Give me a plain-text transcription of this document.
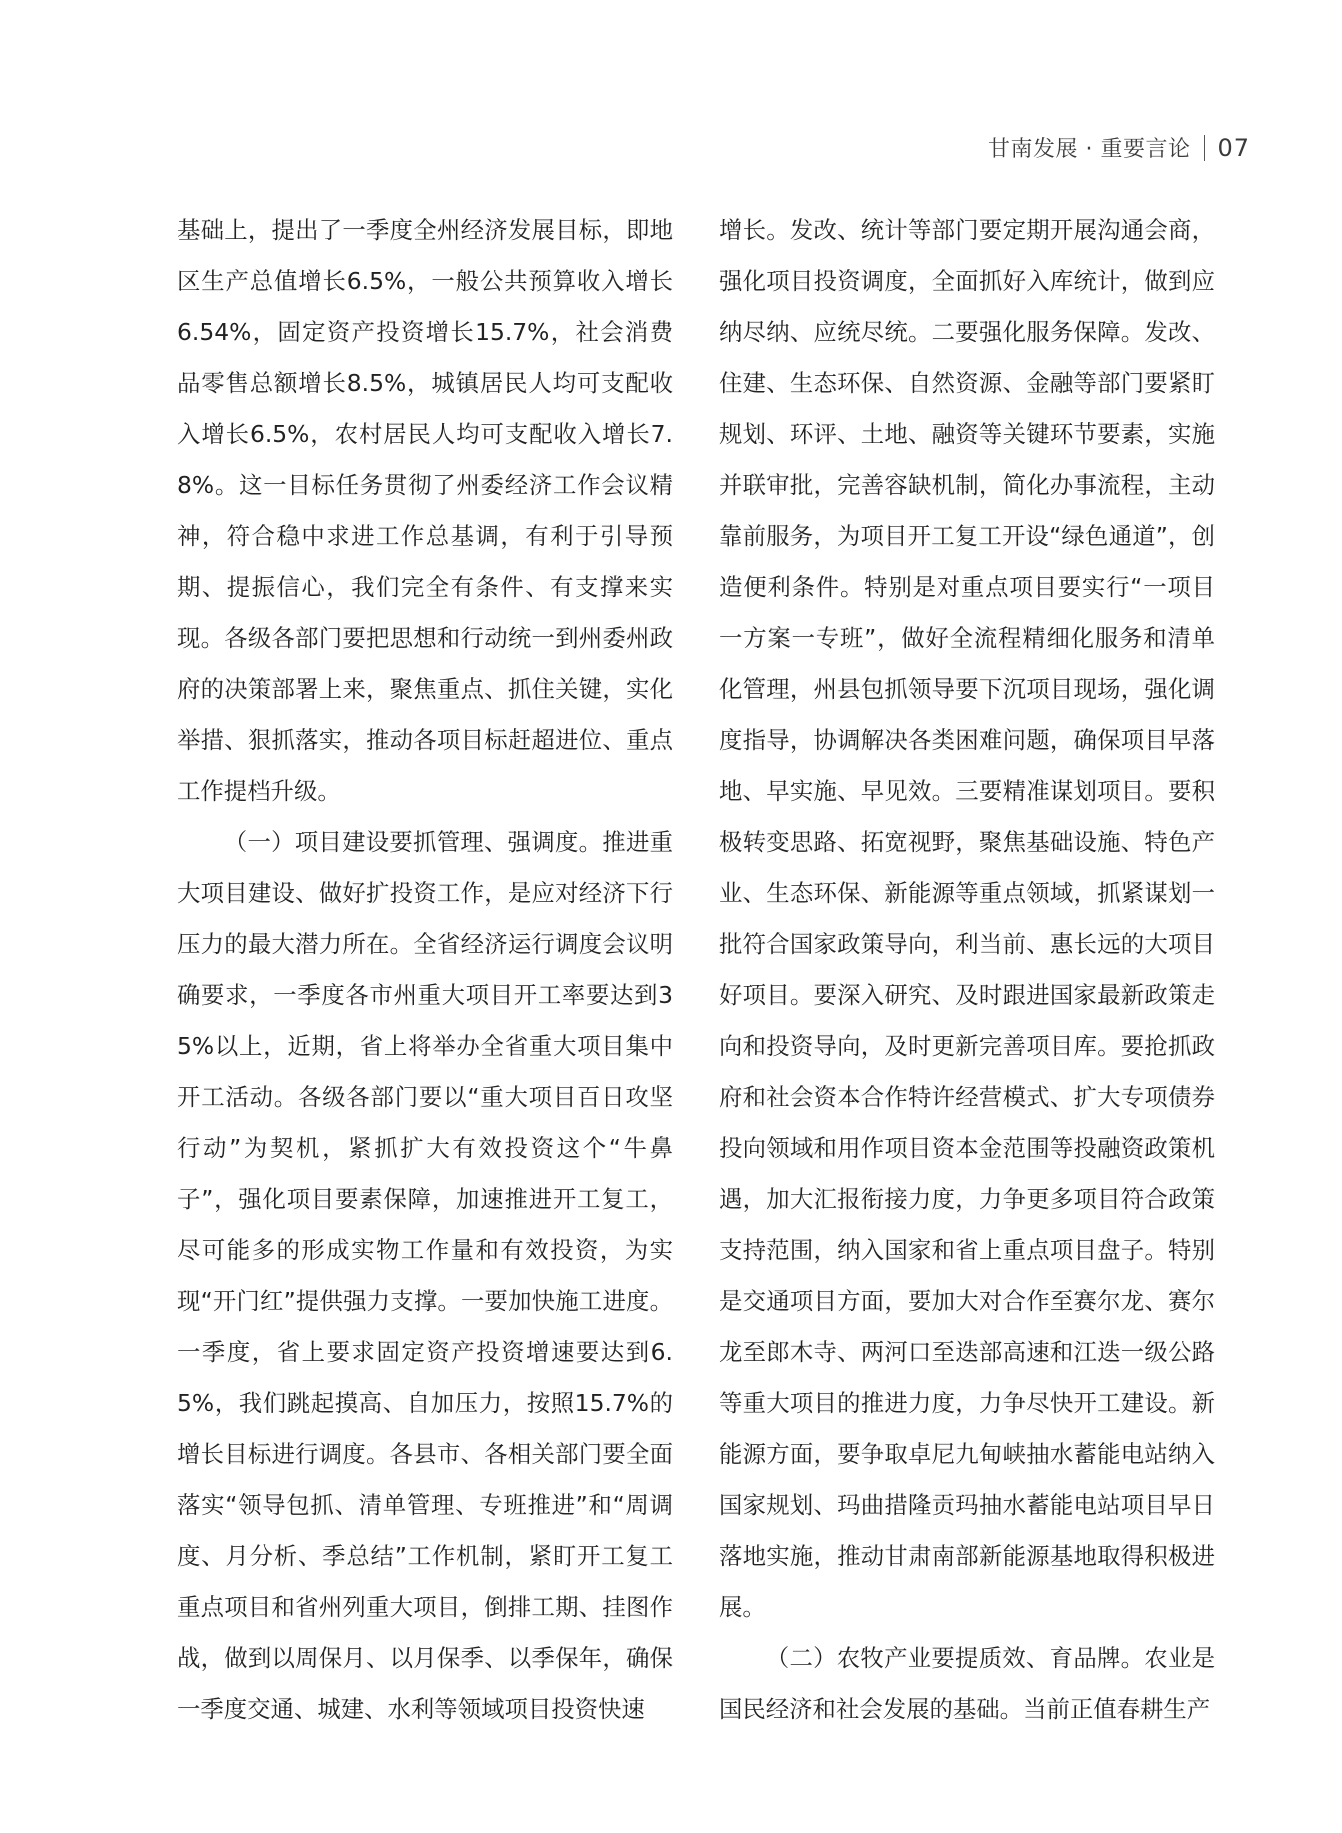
甘南发展 · 重要言论 07

基础上，提出了一季度全州经济发展目标，即地区生产总值增长6.5%，一般公共预算收入增长6.54%，固定资产投资增长15.7%，社会消费品零售总额增长8.5%，城镇居民人均可支配收入增长6.5%，农村居民人均可支配收入增长7.8%。这一目标任务贯彻了州委经济工作会议精神，符合稳中求进工作总基调，有利于引导预期、提振信心，我们完全有条件、有支撑来实现。各级各部门要把思想和行动统一到州委州政府的决策部署上来，聚焦重点、抓住关键，实化举措、狠抓落实，推动各项目标赶超进位、重点工作提档升级。

（一）项目建设要抓管理、强调度。推进重大项目建设、做好扩投资工作，是应对经济下行压力的最大潜力所在。全省经济运行调度会议明确要求，一季度各市州重大项目开工率要达到35%以上，近期，省上将举办全省重大项目集中开工活动。各级各部门要以“重大项目百日攻坚行动”为契机，紧抓扩大有效投资这个“牛鼻子”，强化项目要素保障，加速推进开工复工，尽可能多的形成实物工作量和有效投资，为实现“开门红”提供强力支撑。一要加快施工进度。一季度，省上要求固定资产投资增速要达到6.5%，我们跳起摸高、自加压力，按照15.7%的增长目标进行调度。各县市、各相关部门要全面落实“领导包抓、清单管理、专班推进”和“周调度、月分析、季总结”工作机制，紧盯开工复工重点项目和省州列重大项目，倒排工期、挂图作战，做到以周保月、以月保季、以季保年，确保一季度交通、城建、水利等领域项目投资快速

增长。发改、统计等部门要定期开展沟通会商，强化项目投资调度，全面抓好入库统计，做到应纳尽纳、应统尽统。二要强化服务保障。发改、住建、生态环保、自然资源、金融等部门要紧盯规划、环评、土地、融资等关键环节要素，实施并联审批，完善容缺机制，简化办事流程，主动靠前服务，为项目开工复工开设“绿色通道”，创造便利条件。特别是对重点项目要实行“一项目一方案一专班”，做好全流程精细化服务和清单化管理，州县包抓领导要下沉项目现场，强化调度指导，协调解决各类困难问题，确保项目早落地、早实施、早见效。三要精准谋划项目。要积极转变思路、拓宽视野，聚焦基础设施、特色产业、生态环保、新能源等重点领域，抓紧谋划一批符合国家政策导向，利当前、惠长远的大项目好项目。要深入研究、及时跟进国家最新政策走向和投资导向，及时更新完善项目库。要抢抓政府和社会资本合作特许经营模式、扩大专项债券投向领域和用作项目资本金范围等投融资政策机遇，加大汇报衔接力度，力争更多项目符合政策支持范围，纳入国家和省上重点项目盘子。特别是交通项目方面，要加大对合作至赛尔龙、赛尔龙至郎木寺、两河口至迭部高速和江迭一级公路等重大项目的推进力度，力争尽快开工建设。新能源方面，要争取卓尼九甸峡抽水蓄能电站纳入国家规划、玛曲措隆贡玛抽水蓄能电站项目早日落地实施，推动甘肃南部新能源基地取得积极进展。

（二）农牧产业要提质效、育品牌。农业是国民经济和社会发展的基础。当前正值春耕生产
